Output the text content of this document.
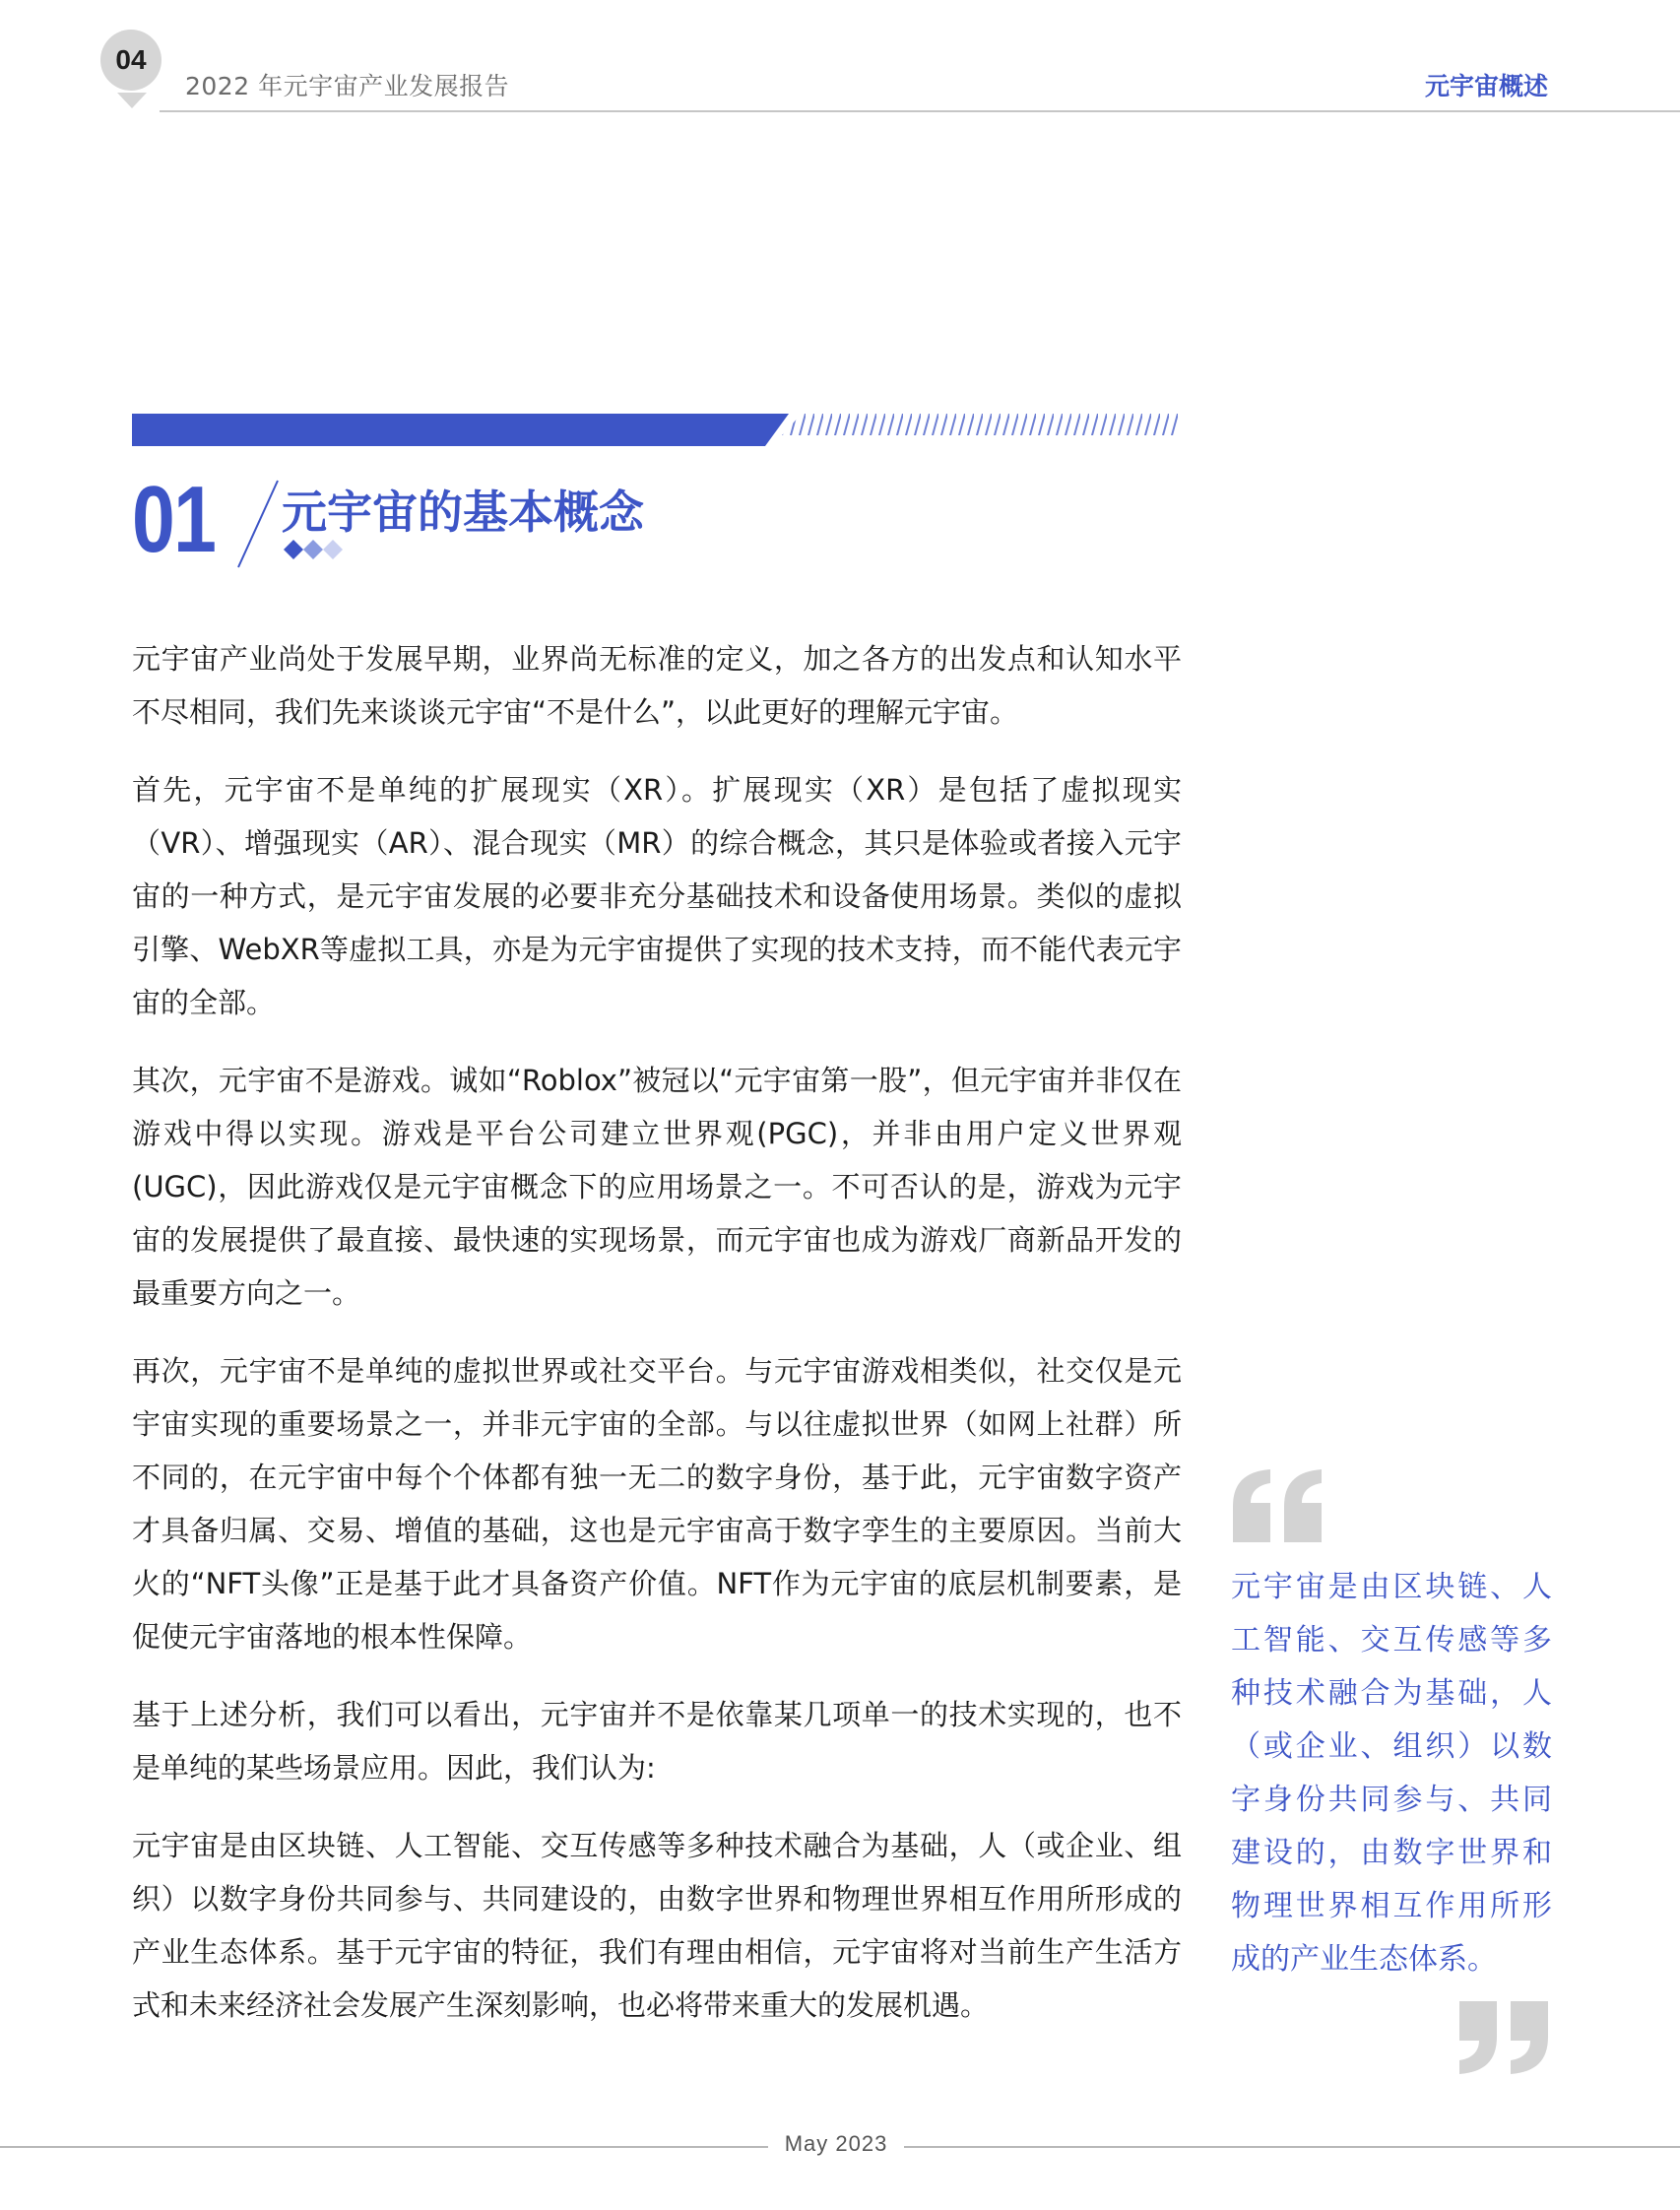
04
2022 年元宇宙产业发展报告	元宇宙概述
01 元宇宙的基本概念

元宇宙产业尚处于发展早期，业界尚无标准的定义，加之各方的出发点和认知水平不尽相同，我们先来谈谈元宇宙“不是什么”，以此更好的理解元宇宙。

首先，元宇宙不是单纯的扩展现实（XR）。扩展现实（XR）是包括了虚拟现实（VR）、增强现实（AR）、混合现实（MR）的综合概念，其只是体验或者接入元宇宙的一种方式，是元宇宙发展的必要非充分基础技术和设备使用场景。类似的虚拟引擎、WebXR等虚拟工具，亦是为元宇宙提供了实现的技术支持，而不能代表元宇宙的全部。

其次，元宇宙不是游戏。诚如“Roblox”被冠以“元宇宙第一股”，但元宇宙并非仅在游戏中得以实现。游戏是平台公司建立世界观(PGC)，并非由用户定义世界观(UGC)，因此游戏仅是元宇宙概念下的应用场景之一。不可否认的是，游戏为元宇宙的发展提供了最直接、最快速的实现场景，而元宇宙也成为游戏厂商新品开发的最重要方向之一。

再次，元宇宙不是单纯的虚拟世界或社交平台。与元宇宙游戏相类似，社交仅是元宇宙实现的重要场景之一，并非元宇宙的全部。与以往虚拟世界（如网上社群）所不同的，在元宇宙中每个个体都有独一无二的数字身份，基于此，元宇宙数字资产才具备归属、交易、增值的基础，这也是元宇宙高于数字孪生的主要原因。当前大火的“NFT头像”正是基于此才具备资产价值。NFT作为元宇宙的底层机制要素，是促使元宇宙落地的根本性保障。

基于上述分析，我们可以看出，元宇宙并不是依靠某几项单一的技术实现的，也不是单纯的某些场景应用。因此，我们认为:

元宇宙是由区块链、人工智能、交互传感等多种技术融合为基础，人（或企业、组织）以数字身份共同参与、共同建设的，由数字世界和物理世界相互作用所形成的产业生态体系。基于元宇宙的特征，我们有理由相信，元宇宙将对当前生产生活方式和未来经济社会发展产生深刻影响，也必将带来重大的发展机遇。

元宇宙是由区块链、人工智能、交互传感等多种技术融合为基础，人（或企业、组织）以数字身份共同参与、共同建设的，由数字世界和物理世界相互作用所形成的产业生态体系。
May 2023
